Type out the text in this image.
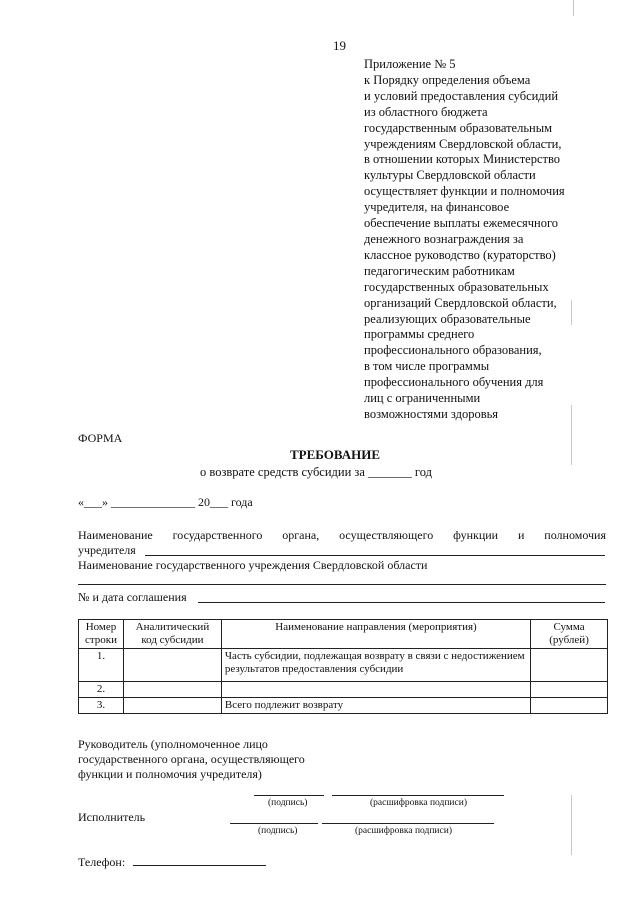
19
Приложение № 5
к Порядку определения объема
и условий предоставления субсидий
из областного бюджета
государственным образовательным
учреждениям Свердловской области,
в отношении которых Министерство
культуры Свердловской области
осуществляет функции и полномочия
учредителя, на финансовое
обеспечение выплаты ежемесячного
денежного вознаграждения за
классное руководство (кураторство)
педагогическим работникам
государственных образовательных
организаций Свердловской области,
реализующих образовательные
программы среднего
профессионального образования,
в том числе программы
профессионального обучения для
лиц с ограниченными
возможностями здоровья
ФОРМА
ТРЕБОВАНИЕ
о возврате средств субсидии за _______ год
«___» ______________ 20___ года
Наименование государственного органа, осуществляющего функции и полномочия
учредителя
Наименование государственного учреждения Свердловской области
№ и дата соглашения
Номер строки	Аналитический код субсидии	Наименование направления (мероприятия)	Сумма (рублей)
1.		Часть субсидии, подлежащая возврату в связи с недостижением результатов предоставления субсидии	
2.			
3.		Всего подлежит возврату	
Руководитель (уполномоченное лицо государственного органа, осуществляющего функции и полномочия учредителя)
(подпись)	(расшифровка подписи)
Исполнитель
(подпись)	(расшифровка подписи)
Телефон:
